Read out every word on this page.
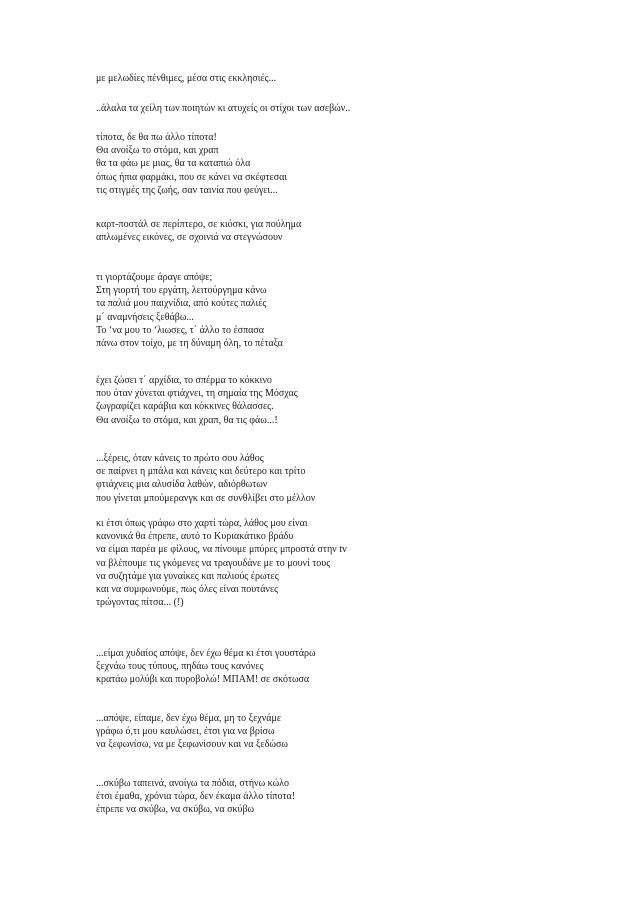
με μελωδίες πένθιμες, μέσα στις εκκλησιές...
..άλαλα τα χείλη των ποιητών κι ατυχείς οι στίχοι των ασεβών..
τίποτα, δε θα πω άλλο τίποτα!
Θα ανοίξω το στόμα, και χραπ
θα τα φάω με μιας, θα τα καταπιώ όλα
όπως ήπια φαρμάκι, που σε κάνει να σκέφτεσαι
τις στιγμές της ζωής, σαν ταινία που φεύγει...
καρτ-ποστάλ σε περίπτερο, σε κιόσκι, για πούλημα
απλωμένες εικόνες, σε σχοινιά να στεγνώσουν
τι γιορτάζουμε άραγε απόψε;
Στη γιορτή του εργάτη, λειτούργημα κάνω
τα παλιά μου παιχνίδια, από κούτες παλιές
μ΄ αναμνήσεις ξεθάβω...
Το ‘να μου το ‘λιωσες, τ΄ άλλο το έσπασα
πάνω στον τοίχο, με τη δύναμη όλη, το πέταξα
έχει ζώσει τ΄ αρχίδια, το σπέρμα το κόκκινο
που όταν χύνεται φτιάχνει, τη σημαία της Μόσχας
ζωγραφίζει καράβια και κόκκινες θάλασσες.
Θα ανοίξω το στόμα, και χραπ, θα τις φάω...!
...ξέρεις, όταν κάνεις το πρώτο σου λάθος
σε παίρνει η μπάλα και κάνεις και δεύτερο και τρίτο
φτιάχνεις μια αλυσίδα λαθών, αδιόρθωτων
που γίνεται μπούμερανγκ και σε συνθλίβει στο μέλλον
κι έτσι όπως γράφω στο χαρτί τώρα, λάθος μου είναι
κανονικά θα έπρεπε, αυτό το Κυριακάτικο βράδυ
να είμαι παρέα με φίλους, να πίνουμε μπύρες μπροστά στην tv
να βλέπουμε τις γκόμενες να τραγουδάνε με το μουνί τους
να συζητάμε για γυναίκες και παλιούς έρωτες
και να συμφωνούμε, πως όλες είναι πουτάνες
τρώγοντας πίτσα... (!)
...είμαι χυδαίος απόψε, δεν έχω θέμα κι έτσι γουστάρω
ξεχνάω τους τύπους, πηδάω τους κανόνες
κρατάω μολύβι και πυροβολώ! ΜΠΑΜ! σε σκότωσα
...απόψε, είπαμε, δεν έχω θέμα, μη το ξεχνάμε
γράφω ό,τι μου καυλώσει, έτσι για να βρίσω
να ξεφωνίσω, να με ξεφωνίσουν και να ξεδώσω
...σκύβω ταπεινά, ανοίγω τα πόδια, στήνω κώλο
έτσι έμαθα, χρόνια τώρα, δεν έκαμα άλλο τίποτα!
έπρεπε να σκύβω, να σκύβω, να σκύβω
